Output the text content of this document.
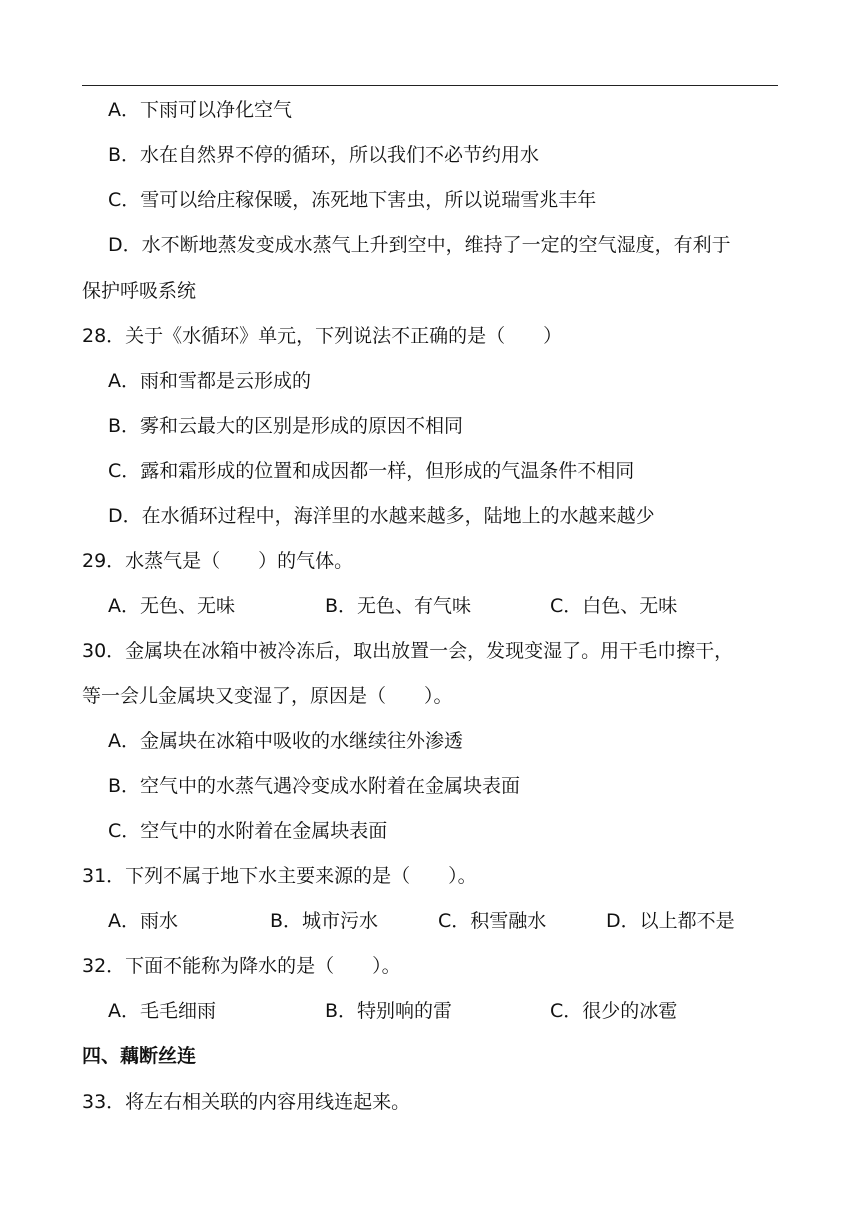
A．下雨可以净化空气
B．水在自然界不停的循环，所以我们不必节约用水
C．雪可以给庄稼保暖，冻死地下害虫，所以说瑞雪兆丰年
D．水不断地蒸发变成水蒸气上升到空中，维持了一定的空气湿度，有利于
保护呼吸系统
28．关于《水循环》单元，下列说法不正确的是（　　）
A．雨和雪都是云形成的
B．雾和云最大的区别是形成的原因不相同
C．露和霜形成的位置和成因都一样，但形成的气温条件不相同
D．在水循环过程中，海洋里的水越来越多，陆地上的水越来越少
29．水蒸气是（　　）的气体。
A．无色、无味	B．无色、有气味	C．白色、无味
30．金属块在冰箱中被冷冻后，取出放置一会，发现变湿了。用干毛巾擦干，
等一会儿金属块又变湿了，原因是（　　）。
A．金属块在冰箱中吸收的水继续往外渗透
B．空气中的水蒸气遇冷变成水附着在金属块表面
C．空气中的水附着在金属块表面
31．下列不属于地下水主要来源的是（　　）。
A．雨水	B．城市污水	C．积雪融水	D．以上都不是
32．下面不能称为降水的是（　　）。
A．毛毛细雨	B．特别响的雷	C．很少的冰雹
四、藕断丝连
33．将左右相关联的内容用线连起来。
